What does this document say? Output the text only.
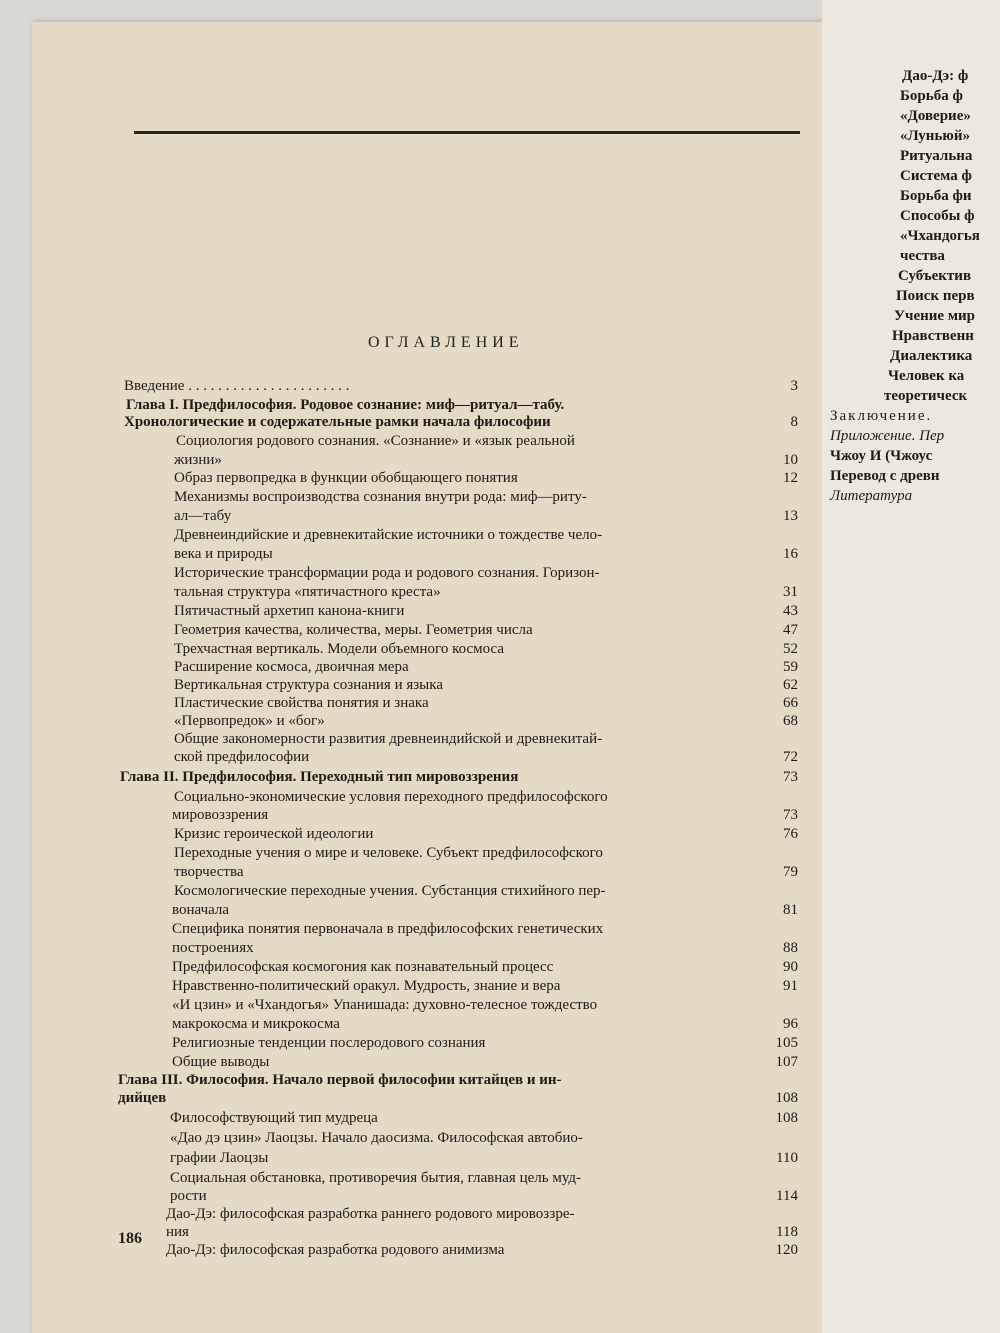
ОГЛАВЛЕНИЕ
Введение . . . . . . . . . . . . . . . . . . . . . .	3
Глава I. Предфилософия. Родовое сознание: миф—ритуал—табу.
Хронологические и содержательные рамки начала философии	8
Социология родового сознания. «Сознание» и «язык реальной
жизни»	10
Образ первопредка в функции обобщающего понятия	12
Механизмы воспроизводства сознания внутри рода: миф—риту-
ал—табу	13
Древнеиндийские и древнекитайские источники о тождестве чело-
века и природы	16
Исторические трансформации рода и родового сознания. Горизон-
тальная структура «пятичастного креста»	31
Пятичастный архетип канона-книги	43
Геометрия качества, количества, меры. Геометрия числа	47
Трехчастная вертикаль. Модели объемного космоса	52
Расширение космоса, двоичная мера	59
Вертикальная структура сознания и языка	62
Пластические свойства понятия и знака	66
«Первопредок» и «бог»	68
Общие закономерности развития древнеиндийской и древнекитай-
ской предфилософии	72
Глава II. Предфилософия. Переходный тип мировоззрения	73
Социально-экономические условия переходного предфилософского
мировоззрения	73
Кризис героической идеологии	76
Переходные учения о мире и человеке. Субъект предфилософского
творчества	79
Космологические переходные учения. Субстанция стихийного пер-
воначала	81
Специфика понятия первоначала в предфилософских генетических
построениях	88
Предфилософская космогония как познавательный процесс	90
Нравственно-политический оракул. Мудрость, знание и вера	91
«И цзин» и «Чхандогья» Упанишада: духовно-телесное тождество
макрокосма и микрокосма	96
Религиозные тенденции послеродового сознания	105
Общие выводы	107
Глава III. Философия. Начало первой философии китайцев и ин-
дийцев	108
Философствующий тип мудреца	108
«Дао дэ цзин» Лаоцзы. Начало даосизма. Философская автобио-
графии Лаоцзы	110
Социальная обстановка, противоречия бытия, главная цель муд-
рости	114
Дао-Дэ: философская разработка раннего родового мировоззре-
ния	118
Дао-Дэ: философская разработка родового анимизма	120
186
Дао-Дэ: ф
Борьба ф
«Доверие»
«Луньюй»
Ритуальна
Система ф
Борьба фи
Способы ф
«Чхандогья
чества
Субъектив
Поиск перв
Учение мир
Нравственн
Диалектика
Человек ка
теоретическ
Заключение.
Приложение. Пер
Чжоу И (Чжоус
Перевод с древн
Литература
